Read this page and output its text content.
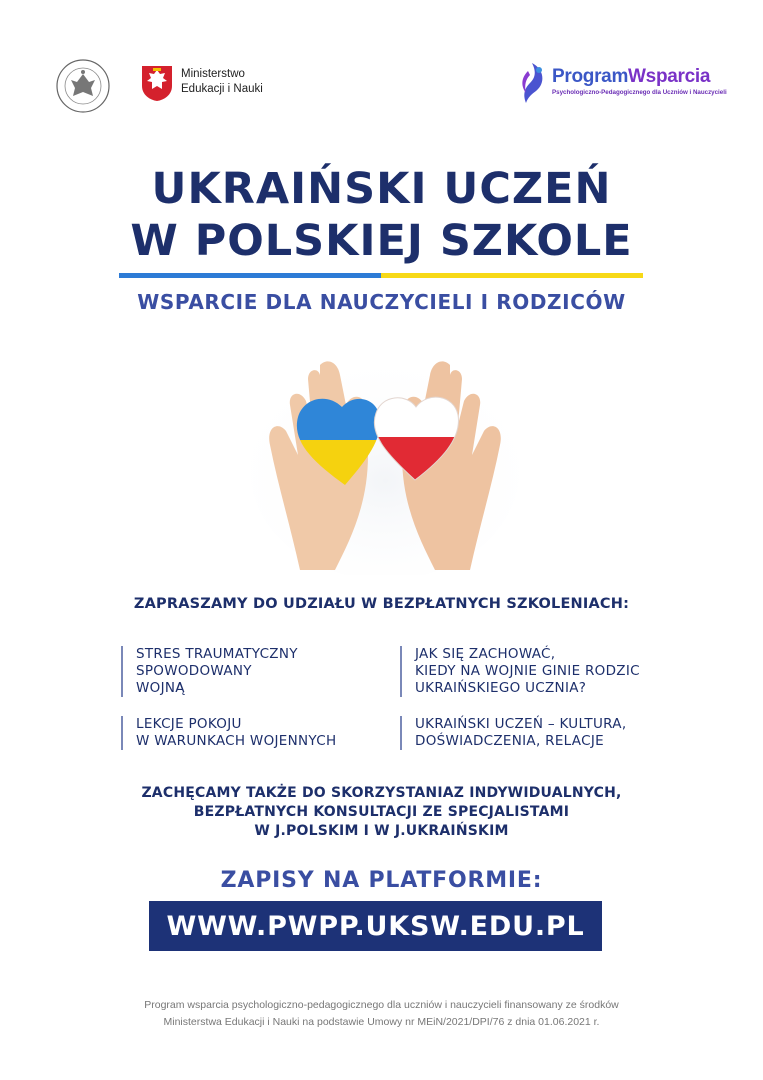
Ministerstwo
Edukacji i Nauki
ProgramWsparcia
Psychologiczno-Pedagogicznego dla Uczniów i Nauczycieli
UKRAIŃSKI UCZEŃ
W POLSKIEJ SZKOLE
WSPARCIE DLA NAUCZYCIELI I RODZICÓW
ZAPRASZAMY DO UDZIAŁU W BEZPŁATNYCH SZKOLENIACH:
STRES TRAUMATYCZNY
SPOWODOWANY
WOJNĄ
JAK SIĘ ZACHOWAĆ,
KIEDY NA WOJNIE GINIE RODZIC
UKRAIŃSKIEGO UCZNIA?
LEKCJE POKOJU
W WARUNKACH WOJENNYCH
UKRAIŃSKI UCZEŃ – KULTURA,
DOŚWIADCZENIA, RELACJE
ZACHĘCAMY TAKŻE DO SKORZYSTANIAZ INDYWIDUALNYCH,
BEZPŁATNYCH KONSULTACJI ZE SPECJALISTAMI
W J.POLSKIM I W J.UKRAIŃSKIM
ZAPISY NA PLATFORMIE:
WWW.PWPP.UKSW.EDU.PL
Program wsparcia psychologiczno-pedagogicznego dla uczniów i nauczycieli finansowany ze środków
Ministerstwa Edukacji i Nauki na podstawie Umowy nr MEiN/2021/DPI/76 z dnia 01.06.2021 r.
